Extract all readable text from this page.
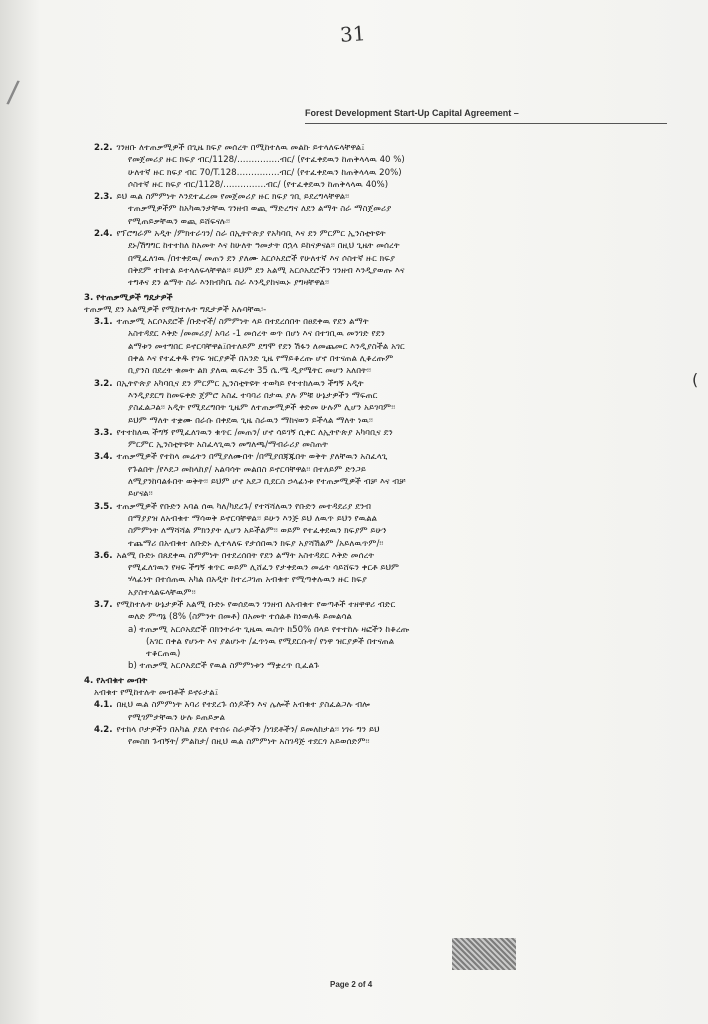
/
31
Forest Development Start-Up Capital Agreement –
2.2. ገንዘቡ ለተጠቃሚዎች በጊዜ ክፍያ መሰረት በሚከተለዉ መልኩ ይተላለፍላቸዋል፤
የመጀመሪያ ዙር ክፍያ ብር/1128/……………ብር/ (የተፈቀደዉን ከጠቅላላዉ 40 %)
ሁለተኛ ዙር ክፍያ ብር 70/T.128……………ብር/ (የተፈቀደዉን ከጠቅላላዉ 20%)
ሶስተኛ ዙር ክፍያ ብር/1128/……………ብር/ (የተፈቀደዉን ከጠቅላላዉ 40%)
2.3. ይህ ዉል ስምምነት እንደተፈረመ የመጀመሪያ ዙር ክፍያ ገቢ ይደረግላቸዋል፡፡
ተጠቃሚዎችም ከአካዉንታቸዉ ገንዘብ ወጪ ማድረግና ለደን ልማት ስራ ማስጀመሪያ
የሚጠይቃቸዉን ወጪ ይሸፍናሉ፡፡
2.4. የፕሮግራም አዲት /ምክተራገን/ ስራ በኢትዮጵያ የአካባቢ እና ደን ምርምር ኢንስቲትዩት
ደኑ/ሽግግር ከተተከለ ከአመት እና ከሁለት ዓመታት በኋላ ይከናዎናል፡፡ በዚህ ጊዜት መሰረት
በሚፈለገዉ /በተቀደዉ/ መጠን ደን ያለሙ አርሶአደሮች የሁለተኛ እና ሶስተኛ ዙር ክፍያ
በቅደም ተከተል ይተላለፍላቸዋል፡፡ ይህም ደን አልሚ አርሶአደሮችን ገንዘብ እንዲያወጡ እና
ተግቶና ደን ልማት ስራ እንክብካቤ ስራ እንዲያከናዉኑ ያግዛቸዋል፡፡
3. የተጠቃሚዎች ግዴታዎች
ተጠቃሚ ደን አልሚዎች የሚከተሉት ግዴታዎች አሉባቸዉ፡-
3.1. ተጠቃሚ አርሶአደሮች /ቡድኖች/ ስምምነት ላይ በተደረሰበት በፀደቀዉ የደን ልማት
አስተዳደር እቅድ /መመሪያ/ አባሪ -1 መሰረት ወጥ በሆነ እና በተገቢዉ መንገድ የደን
ልማቱን መተግበር ይኖርባቸዋል፤በተለይም ደግሞ የደን ሽፋን ለመጨመር እንዲያስችል አገር
በቀል እና የተፈቀዱ የገፍ ዝርያዎች በአንድ ጊዜ የማይቆረጡ ሆኖ በተናጠል ሊቆረጡም
ቢያንስ በደረት ቁመት ልክ ያለዉ ዉፍረት 35 ሴ.ሜ ዲያሜትር መሆን አለበት፡፡
3.2. በኢትዮጵያ አካባቢና ደን ምርምር ኢንስቲትዩት ተወካይ የተተከለዉን ችግኝ አዲት
እንዲያደርግ ከመፍቀድ ጀምሮ አስፈ ተባባሪ በታዉ ያሉ ምቹ ሁኔታዎችን ማፍጠር
ያስፈልጋል፡፡ አዲት የሚደረግበት ጊዜም ለተጠቃሚዎች ቀድመ ሁሉም ሊሆን አይገባም፡፡
ይህም ማለት ተቋሙ በራሱ በቀደዉ ጊዜ ስራዉን ማከናወን ይችላል ማለት ነዉ፡፡
3.3. የተተከለዉ ችግኝ የሚፈለገዉን ቁጥር /መጠን/ ሆኖ ሳይገኝ ሲቀር ለኢትዮጵያ አካባቢና ደን
ምርምር ኢንስቲትዩት አስፈላጊዉን መግለጫ/ማብራሪያ መስጠት
3.4. ተጠቃሚዎች የተከላ መሬትን በሚያለሙበት /በሚያበጃጁበት ወቅት ያለቸዉን አስፈላጊ
የጉልበት /የእደጋ መከላከያ/ አልባሳት መልበስ ይኖርባቸዋል፡፡ በተለይም ድንጋይ
ለሚያንከባልፉበት ወቅት፡፡ ይህም ሆኖ አደጋ ቢደርስ ኃላፊነቱ የተጠቃሚዎች ብቻ እና ብቻ
ይሆናል፡፡
3.5. ተጠቃሚዎች የቡድን አባል ሰዉ ካለ/ካደረጉ/ የተሻሻለዉን የቡድን መተዳደሪያ ደንብ
በማያያዝ ለአብቁተ ማሳወቅ ይኖርባቸዋል፡፡ ይሁን እንጅ ይህ ለዉጥ ይህን የዉልል
ስምምነት ለማሻሻል ምክንያት ሊሆን አይችልም፡፡ ወይም የተፈቀደዉን ክፍያም ይሁን
ተጨማሪ በአብቁተ ለቡድኑ ሊተላለፍ የታሰበዉን ክፍያ አያሻሽልም /አይለዉጥም/፡፡
3.6. አልሚ ቡድኑ በጸደቀዉ ስምምነት በተደረሰበት የደን ልማት አስተዳደር እቅድ መሰረት
የሚፈለገዉን የዛፍ ችግኝ ቁጥር ወይም ሊሸፈን የታቀደዉን መሬት ሳይሸፍን ቀርቶ ይህም
ሃላፊነት በተሰጠዉ አካል በአዲት ከተረጋገጠ አብቁተ የሚጣቀሉዉን ዙር ክፍያ
አያስተላልፍላቸዉም፡፡
3.7. የሚከተሉት ሁኔታዎች አልሚ ቡድኑ የወሰደዉን ገንዘብ ለአብቁተ የወጣቶች ተዘዋዋሪ ብድር
ወለድ ምጣኔ (8% (ስምንት በመቶ) በአመት ተሰልቶ ከነወለዱ ይመልሳል
a) ተጠቃሚ አርሶአደሮች በክንትራት ጊዜዉ ዉስጥ ከ50% በላይ የተተከሉ ዛፎችን ከቆረጡ
(አገር በቀል የሆኑት እና ያልሆኑት /ፈጥነዉ የሚደርሱት/ የነዋ ዝርያዎች በተናጠል
ተቆርጠዉ)
b) ተጠቃሚ አርሶአደሮች የዉል ስምምነቱን ማቋረጥ ቢፈልጉ
4. የአብቁተ መብት
አብቁተ የሚከተሉት መብቶች ይኖሩታል፤
4.1. በዚህ ዉል ስምምነት አባሪ የተደረጉ ሰነዶችን እና ሌሎች አብቁተ ያስፈልጋሉ ብሎ
የሚገምታቸዉን ሁሉ ይጠይቃል
4.2. የተከላ ቦታዎችን በአካል ያደለ የተሰሩ ስራዎችን /ነገደቶችን/ ይመለከታል፡፡ ነገሩ ግን ይህ
የመስክ ጉብኝት/ ምልከታ/ በዚህ ዉል ስምምነት አስገዳጅ ተደርጎ አይወሰድም፡፡
(
Page 2 of 4
